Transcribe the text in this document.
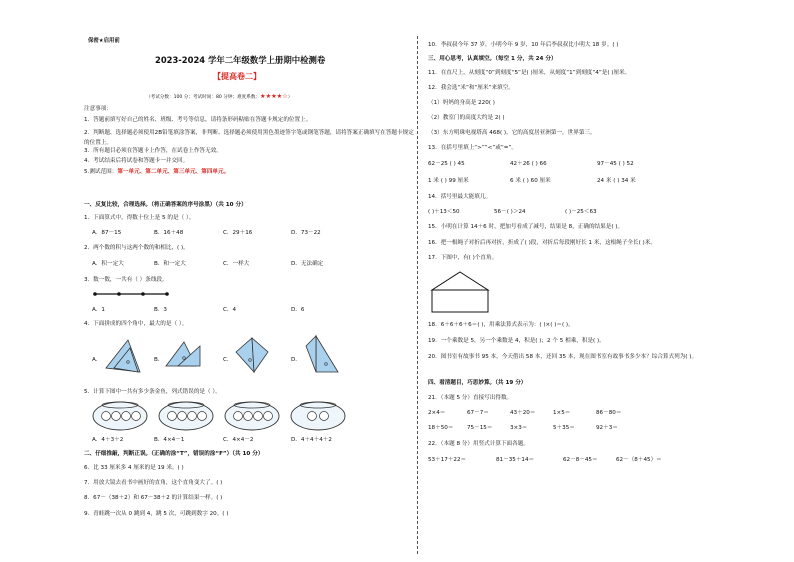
保密★启用前
2023-2024 学年二年级数学上册期中检测卷
【提高卷二】
（考试分数：100 分；考试时间：80 分钟；难度系数：★★★★☆）
注意事项：
1．答题前填写好自己的姓名、班级、考号等信息，请将条形码粘贴在答题卡规定的位置上。
2．判断题、选择题必须使用2B铅笔填涂答案，非判断、选择题必须使用黑色墨迹签字笔或钢笔答题，请将答案正确填写在答题卡规定的位置上。
3．所有题目必须在答题卡上作答，在试卷上作答无效。
4．考试结束后将试卷和答题卡一并交回。
5.测试范围：第一单元、第二单元、第三单元、第四单元。
一、反复比较，合理选择。（将正确答案的序号涂黑）（共 10 分）
1．下面算式中，得数十位上是 5 的是（ ）。
A．87－15	B．16＋48	C．29＋16	D．73－22
2．两个数的积与这两个数的和相比，( )。
A．积一定大	B．和一定大	C．一样大	D．无法确定
3．数一数，一共有（ ）条线段。
A．1	B．3	C．4	D．6
4．下面拼成的四个角中，最大的是（ ）。
A．	B．	C．	D．
5．计算下图中一共有多少条金鱼，列式错误的是（ ）。
A．4＋3＋2	B．4×4－1	C．4×4－2	D．4＋4＋4＋2
二、仔细推敲，判断正误。（正确的涂“T”，错误的涂“F”）（共 10 分）
6．比 33 厘米多 4 厘米的是 19 米。( )
7．用放大镜去看书中画好的直角，这个直角变大了。( )
8．67－（38＋2）和 67－38＋2 的计算结果一样。( )
9．青蛙跳一次从 0 跳到 4，跳 5 次，可跳到数字 20。( )
10．李叔叔今年 37 岁，小明今年 9 岁，10 年后李叔叔比小明大 18 岁。( )
三、用心思考，认真填空。（每空 1 分，共 24 分）
11．在直尺上，从刻度“0”到刻度“5”是( )厘米，从刻度“1”到刻度“4”是( )厘米。
12．我会选“米”和“厘米”来填空。
（1）妈妈的身高是 220( )
（2）教室门的高度大约是 2( )
（3）东方明珠电视塔高 468( )，它的高度居亚洲第一，世界第三。
13．在括号里填上“>”“<”或“=”。
62－25 ( ) 45	42＋26 ( ) 66	97－45 ( ) 52
1 米 ( ) 99 厘米	6 米 ( ) 60 厘米	24 米 ( ) 34 米
14．括号里最大能填几。
( )＋13＜50	56－( )＞24	( )－25＜63
15．小明在计算 14＋6 时，把加号看成了减号，结果是 8，正确的结果是( )。
16．把一根绳子对折后再对折，折成了( )段，对折后每段刚好长 1 米，这根绳子全长( )米。
17．下图中，有( )个直角。
18．6＋6＋6＋6＝( )，用乘法算式表示为：( )×( )＝( )。
19．一个乘数是 5，另一个乘数是 4，积是( )；2 个 5 相乘，积是( )。
20．图书室有故事书 95 本，今天借出 58 本，还回 35 本，现在图书室有故事书多少本？综合算式列为( )。
四、看清题目，巧思妙算。（共 19 分）
21．（本题 5 分）直接写出得数。
2×4＝	67－7＝	43＋20＝	1×5＝	86－80＝
18＋50＝ 75－15＝	3×3＝	5＋35＝	92＋3＝
22．（本题 8 分）用竖式计算下面各题。
53＋17＋22＝	81－35＋14＝	62－8－45＝	62－（8＋45）＝
